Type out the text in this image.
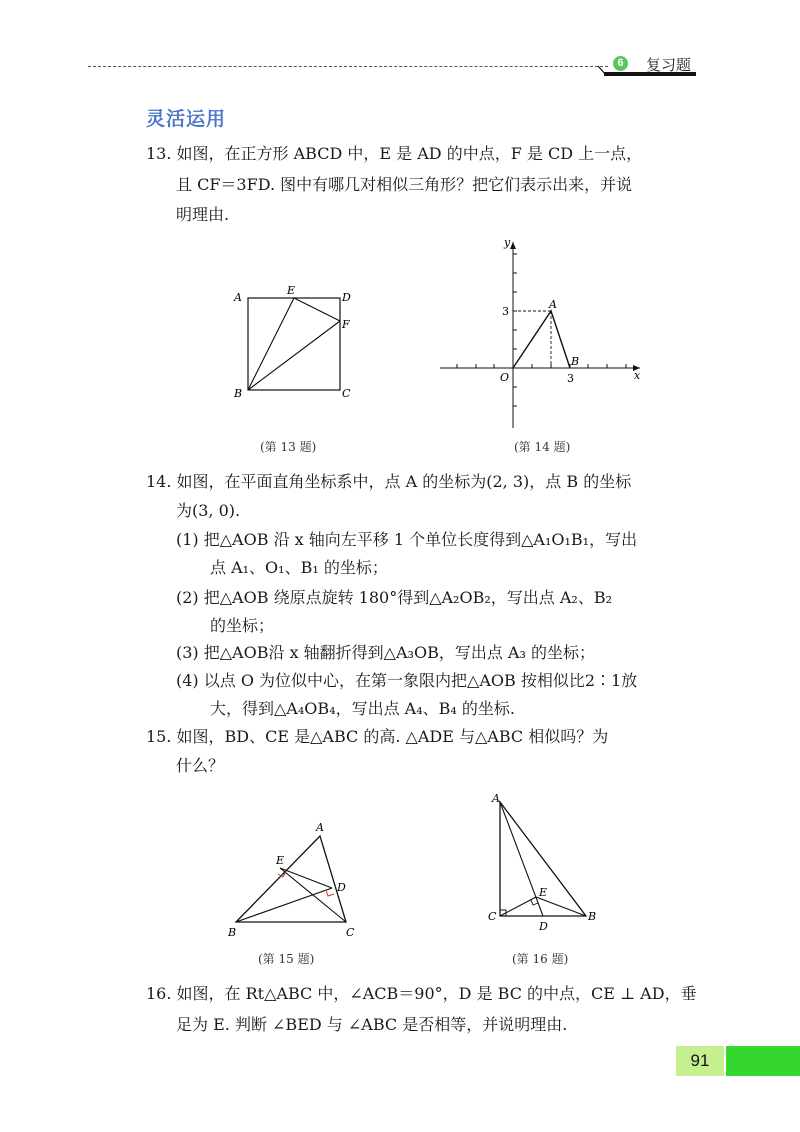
6 复习题
灵活运用
13. 如图，在正方形 ABCD 中，E 是 AD 的中点，F 是 CD 上一点，
且 CF＝3FD. 图中有哪几对相似三角形？把它们表示出来，并说
明理由.
A
E
D
F
B	C
(第 13 题)
y
x
O
A
B
3
3
(第 14 题)
14. 如图，在平面直角坐标系中，点 A 的坐标为(2, 3)，点 B 的坐标
为(3, 0).
(1) 把△AOB 沿 x 轴向左平移 1 个单位长度得到△A₁O₁B₁，写出
点 A₁、O₁、B₁ 的坐标；
(2) 把△AOB 绕原点旋转 180°得到△A₂OB₂，写出点 A₂、B₂
的坐标；
(3) 把△AOB沿 x 轴翻折得到△A₃OB，写出点 A₃ 的坐标；
(4) 以点 O 为位似中心，在第一象限内把△AOB 按相似比2∶1放
大，得到△A₄OB₄，写出点 A₄、B₄ 的坐标.
15. 如图，BD、CE 是△ABC 的高. △ADE 与△ABC 相似吗？为
什么？
A
E
D
B	C
(第 15 题)
A
E
C
D
B
(第 16 题)
16. 如图，在 Rt△ABC 中，∠ACB＝90°，D 是 BC 的中点，CE ⊥ AD，垂
足为 E. 判断 ∠BED 与 ∠ABC 是否相等，并说明理由.
91
